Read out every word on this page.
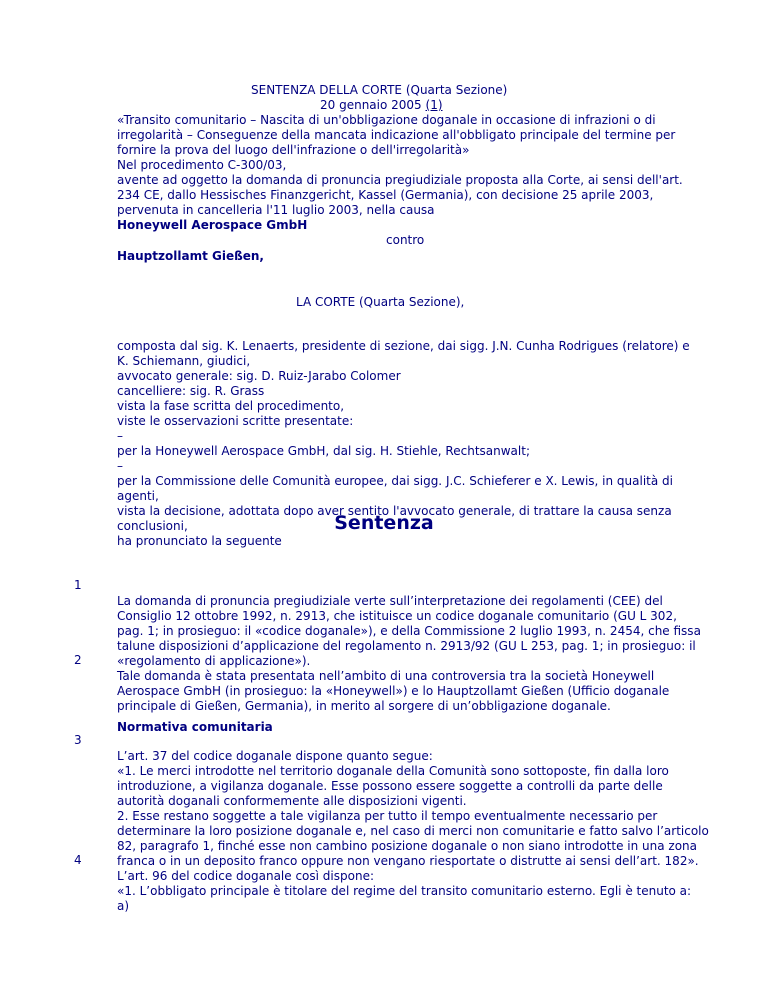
SENTENZA DELLA CORTE (Quarta Sezione)
20 gennaio 2005 (1)
«Transito comunitario – Nascita di un'obbligazione doganale in occasione di infrazioni o di
irregolarità – Conseguenze della mancata indicazione all'obbligato principale del termine per
fornire la prova del luogo dell'infrazione o dell'irregolarità»
Nel procedimento C-300/03,
avente ad oggetto la domanda di pronuncia pregiudiziale proposta alla Corte, ai sensi dell'art.
234 CE, dallo Hessisches Finanzgericht, Kassel (Germania), con decisione 25 aprile 2003,
pervenuta in cancelleria l'11 luglio 2003, nella causa
Honeywell Aerospace GmbH
contro
Hauptzollamt Gießen,
LA CORTE (Quarta Sezione),
composta dal sig. K. Lenaerts, presidente di sezione, dai sigg. J.N. Cunha Rodrigues (relatore) e
K. Schiemann, giudici,
avvocato generale: sig. D. Ruiz-Jarabo Colomer
cancelliere: sig. R. Grass
vista la fase scritta del procedimento,
viste le osservazioni scritte presentate:
–
per la Honeywell Aerospace GmbH, dal sig. H. Stiehle, Rechtsanwalt;
–
per la Commissione delle Comunità europee, dai sigg. J.C. Schieferer e X. Lewis, in qualità di
agenti,
Sentenza
1
La domanda di pronuncia pregiudiziale verte sull’interpretazione dei regolamenti (CEE) del
Consiglio 12 ottobre 1992, n. 2913, che istituisce un codice doganale comunitario (GU L 302,
pag. 1; in prosieguo: il «codice doganale»), e della Commissione 2 luglio 1993, n. 2454, che fissa
talune disposizioni d’applicazione del regolamento n. 2913/92 (GU L 253, pag. 1; in prosieguo: il
«regolamento di applicazione»).
2
Tale domanda è stata presentata nell’ambito di una controversia tra la società Honeywell
Aerospace GmbH (in prosieguo: la «Honeywell») e lo Hauptzollamt Gießen (Ufficio doganale
principale di Gießen, Germania), in merito al sorgere di un’obbligazione doganale.
Normativa comunitaria
3
L’art. 37 del codice doganale dispone quanto segue:
«1. Le merci introdotte nel territorio doganale della Comunità sono sottoposte, fin dalla loro
introduzione, a vigilanza doganale. Esse possono essere soggette a controlli da parte delle
autorità doganali conformemente alle disposizioni vigenti.
2. Esse restano soggette a tale vigilanza per tutto il tempo eventualmente necessario per
determinare la loro posizione doganale e, nel caso di merci non comunitarie e fatto salvo l’articolo
82, paragrafo 1, finché esse non cambino posizione doganale o non siano introdotte in una zona
franca o in un deposito franco oppure non vengano riesportate o distrutte ai sensi dell’art. 182».
4
L’art. 96 del codice doganale così dispone:
«1. L’obbligato principale è titolare del regime del transito comunitario esterno. Egli è tenuto a:
a)
vista la decisione, adottata dopo aver sentito l'avvocato generale, di trattare la causa senza
conclusioni,
ha pronunciato la seguente
